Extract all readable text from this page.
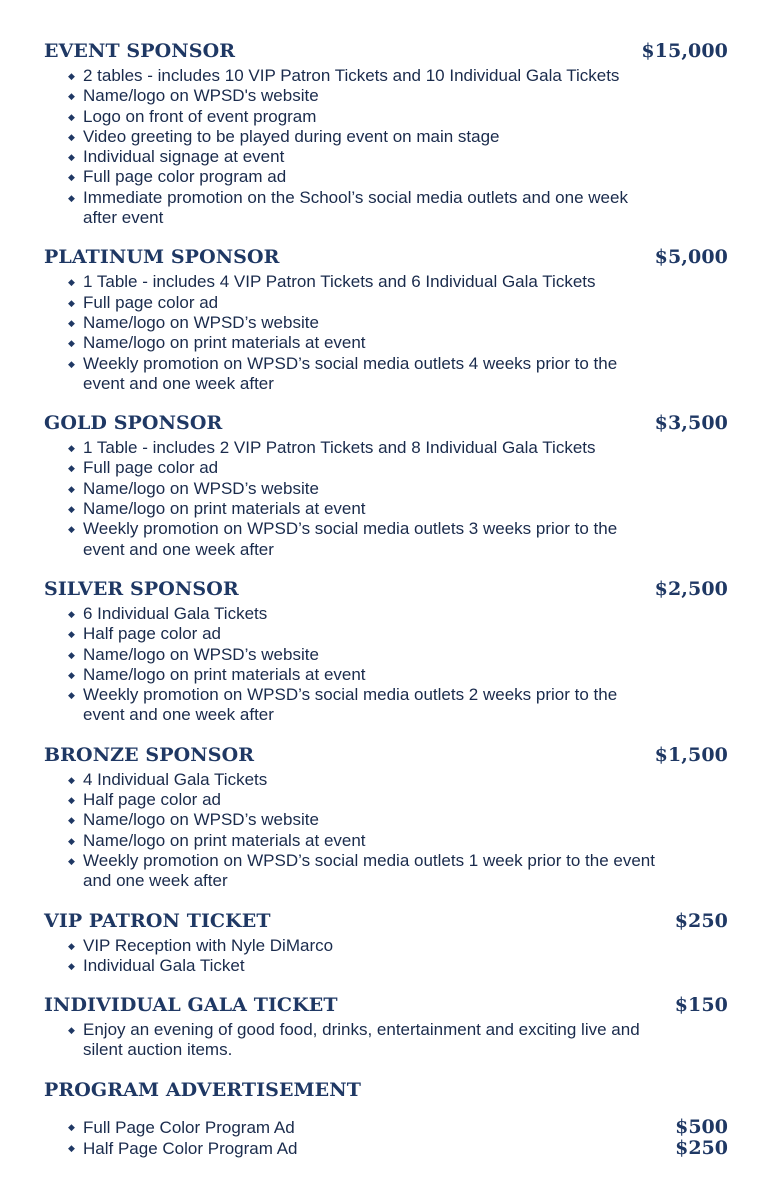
EVENT SPONSOR	$15,000
◆ 2 tables - includes 10 VIP Patron Tickets and 10 Individual Gala Tickets
◆ Name/logo on WPSD's website
◆ Logo on front of event program
◆ Video greeting to be played during event on main stage
◆ Individual signage at event
◆ Full page color program ad
◆ Immediate promotion on the School’s social media outlets and one week after event
PLATINUM SPONSOR	$5,000
◆ 1 Table - includes 4 VIP Patron Tickets and 6 Individual Gala Tickets
◆ Full page color ad
◆ Name/logo on WPSD’s website
◆ Name/logo on print materials at event
◆ Weekly promotion on WPSD’s social media outlets 4 weeks prior to the event and one week after
GOLD SPONSOR	$3,500
◆ 1 Table - includes 2 VIP Patron Tickets and 8 Individual Gala Tickets
◆ Full page color ad
◆ Name/logo on WPSD’s website
◆ Name/logo on print materials at event
◆ Weekly promotion on WPSD’s social media outlets 3 weeks prior to the event and one week after
SILVER SPONSOR	$2,500
◆ 6 Individual Gala Tickets
◆ Half page color ad
◆ Name/logo on WPSD’s website
◆ Name/logo on print materials at event
◆ Weekly promotion on WPSD’s social media outlets 2 weeks prior to the event and one week after
BRONZE SPONSOR	$1,500
◆ 4 Individual Gala Tickets
◆ Half page color ad
◆ Name/logo on WPSD’s website
◆ Name/logo on print materials at event
◆ Weekly promotion on WPSD’s social media outlets 1 week prior to the event and one week after
VIP PATRON TICKET	$250
◆ VIP Reception with Nyle DiMarco
◆ Individual Gala Ticket
INDIVIDUAL GALA TICKET	$150
◆ Enjoy an evening of good food, drinks, entertainment and exciting live and silent auction items.
PROGRAM ADVERTISEMENT
◆ Full Page Color Program Ad	$500
◆ Half Page Color Program Ad	$250
